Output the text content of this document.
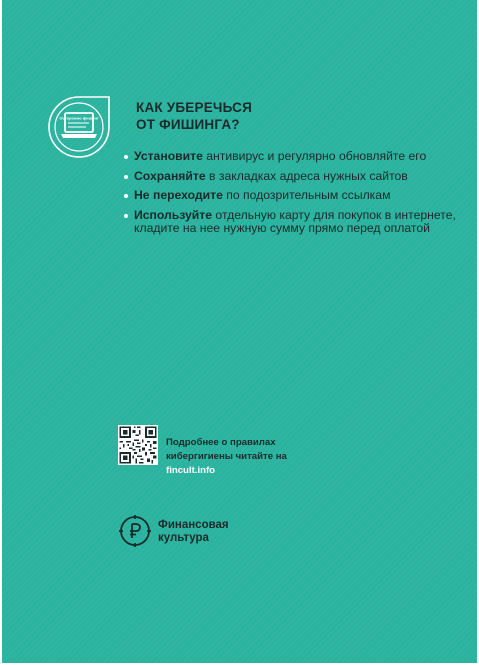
Осторожно фишинг
КАК УБЕРЕЧЬСЯ
ОТ ФИШИНГА?
Установите антивирус и регулярно обновляйте его
Сохраняйте в закладках адреса нужных сайтов
Не переходите по подозрительным ссылкам
Используйте отдельную карту для покупок в интернете, кладите на нее нужную сумму прямо перед оплатой
Подробнее о правилах
кибергигиены читайте на
fincult.info
Финансовая
культура
